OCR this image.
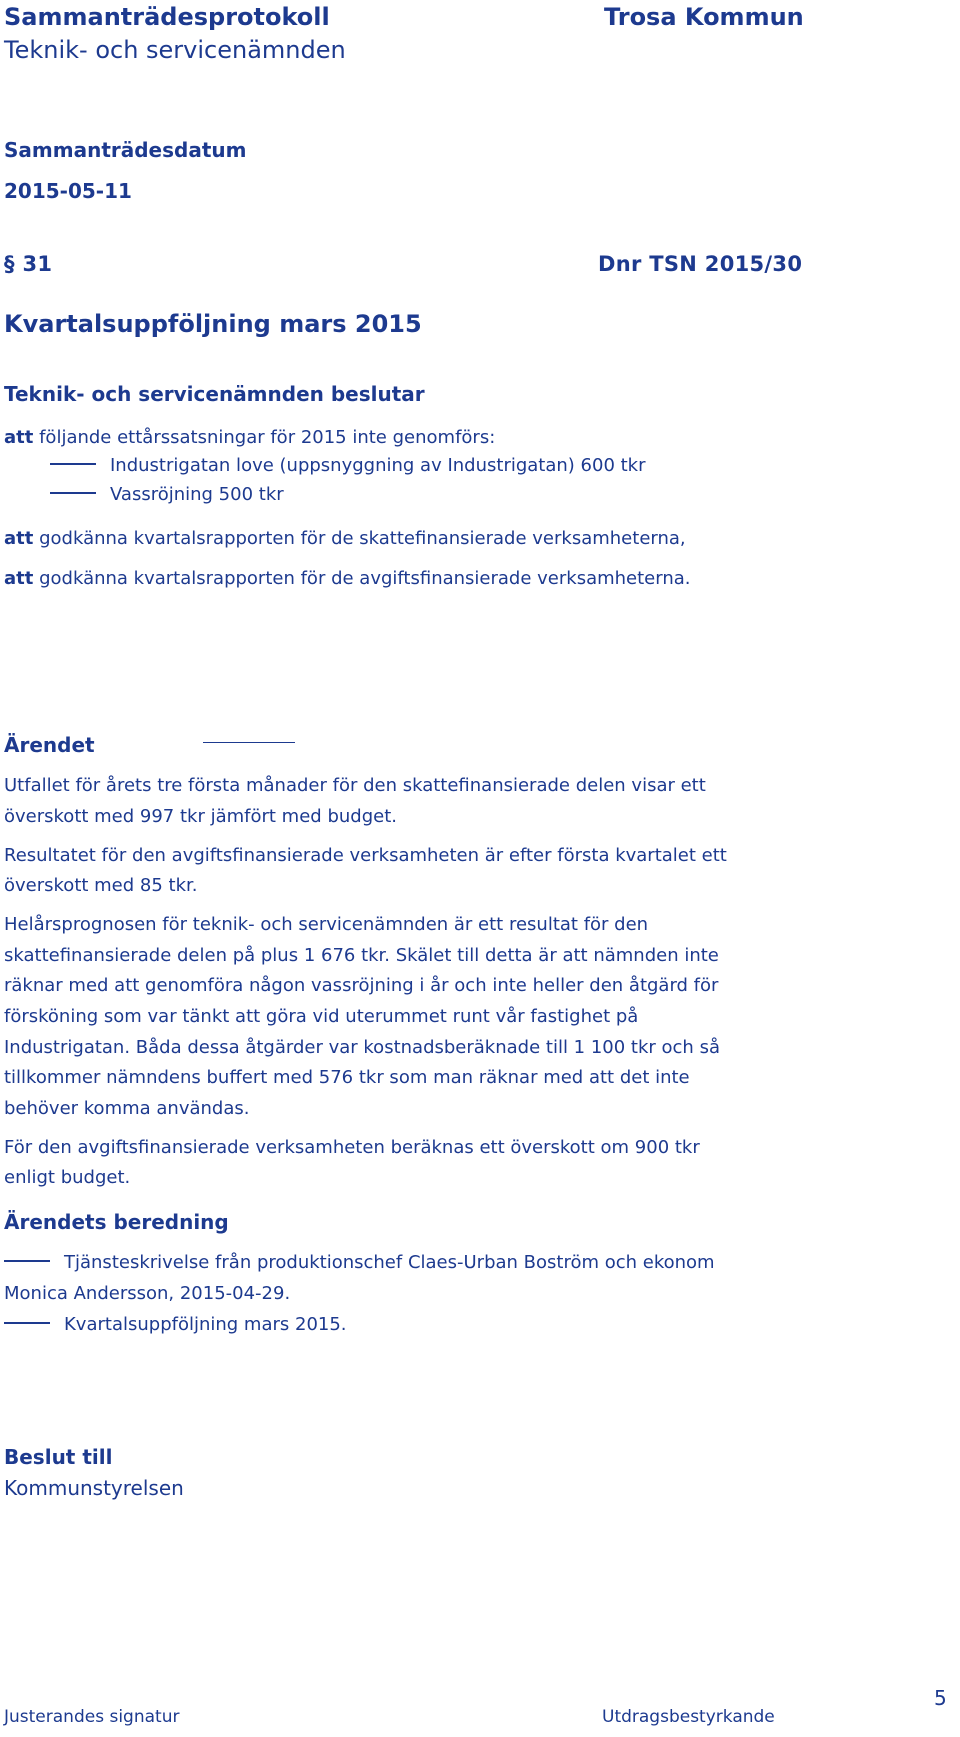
Sammanträdesprotokoll
Teknik- och servicenämnden
Trosa Kommun
Sammanträdesdatum
2015-05-11
§ 31	Dnr TSN 2015/30
Kvartalsuppföljning mars 2015
Teknik- och servicenämnden beslutar
att följande ettårssatsningar för 2015 inte genomförs:
Industrigatan love (uppsnyggning av Industrigatan) 600 tkr
Vassröjning 500 tkr
att godkänna kvartalsrapporten för de skattefinansierade verksamheterna,
att godkänna kvartalsrapporten för de avgiftsfinansierade verksamheterna.
Ärendet
Utfallet för årets tre första månader för den skattefinansierade delen visar ett
överskott med 997 tkr jämfört med budget.
Resultatet för den avgiftsfinansierade verksamheten är efter första kvartalet ett
överskott med 85 tkr.
Helårsprognosen för teknik- och servicenämnden är ett resultat för den
skattefinansierade delen på plus 1 676 tkr. Skälet till detta är att nämnden inte
räknar med att genomföra någon vassröjning i år och inte heller den åtgärd för
försköning som var tänkt att göra vid uterummet runt vår fastighet på
Industrigatan. Båda dessa åtgärder var kostnadsberäknade till 1 100 tkr och så
tillkommer nämndens buffert med 576 tkr som man räknar med att det inte
behöver komma användas.
För den avgiftsfinansierade verksamheten beräknas ett överskott om 900 tkr
enligt budget.
Ärendets beredning
Tjänsteskrivelse från produktionschef Claes-Urban Boström och ekonom
Monica Andersson, 2015-04-29.
Kvartalsuppföljning mars 2015.
Beslut till
Kommunstyrelsen
Justerandes signatur	Utdragsbestyrkande
5
